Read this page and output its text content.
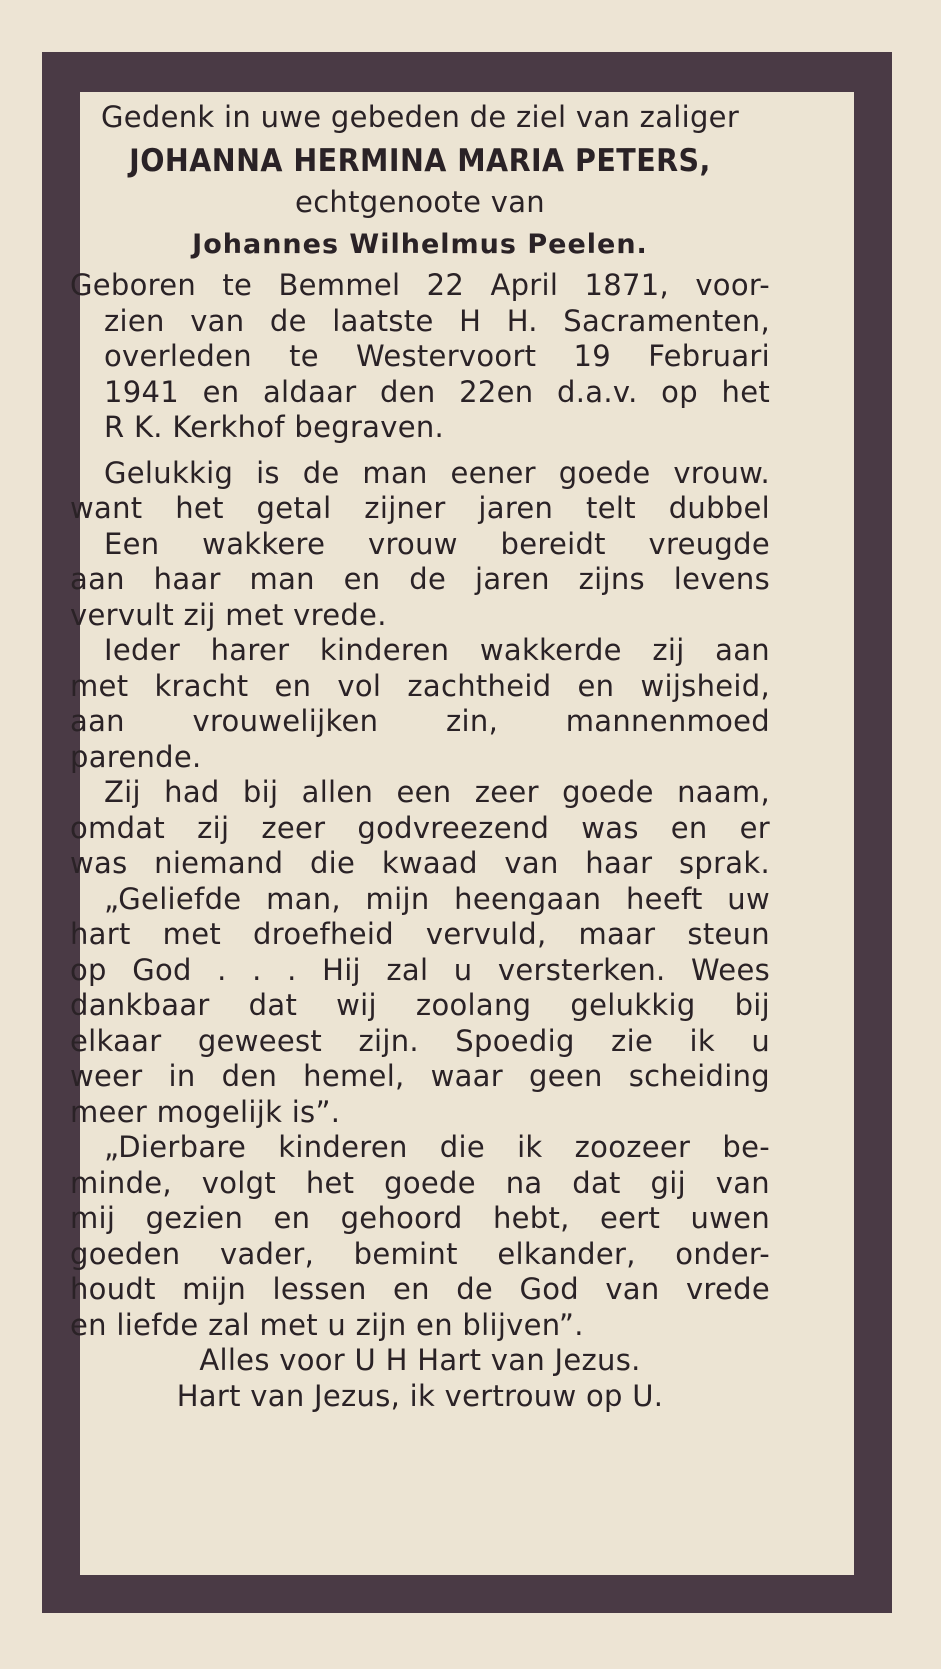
Gedenk in uwe gebeden de ziel van zaliger
JOHANNA HERMINA MARIA PETERS,
echtgenoote van
Johannes Wilhelmus Peelen.
Geboren te Bemmel 22 April 1871, voor-
zien van de laatste H H. Sacramenten,
overleden te Westervoort 19 Februari
1941 en aldaar den 22en d.a.v. op het
R K. Kerkhof begraven.
Gelukkig is de man eener goede vrouw.
want het getal zijner jaren telt dubbel
Een wakkere vrouw bereidt vreugde
aan haar man en de jaren zijns levens
vervult zij met vrede.
Ieder harer kinderen wakkerde zij aan
met kracht en vol zachtheid en wijsheid,
aan vrouwelijken zin, mannenmoed
parende.
Zij had bij allen een zeer goede naam,
omdat zij zeer godvreezend was en er
was niemand die kwaad van haar sprak.
„Geliefde man, mijn heengaan heeft uw
hart met droefheid vervuld, maar steun
op God . . . Hij zal u versterken. Wees
dankbaar dat wij zoolang gelukkig bij
elkaar geweest zijn. Spoedig zie ik u
weer in den hemel, waar geen scheiding
meer mogelijk is”.
„Dierbare kinderen die ik zoozeer be-
minde, volgt het goede na dat gij van
mij gezien en gehoord hebt, eert uwen
goeden vader, bemint elkander, onder-
houdt mijn lessen en de God van vrede
en liefde zal met u zijn en blijven”.
Alles voor U H Hart van Jezus.
Hart van Jezus, ik vertrouw op U.
